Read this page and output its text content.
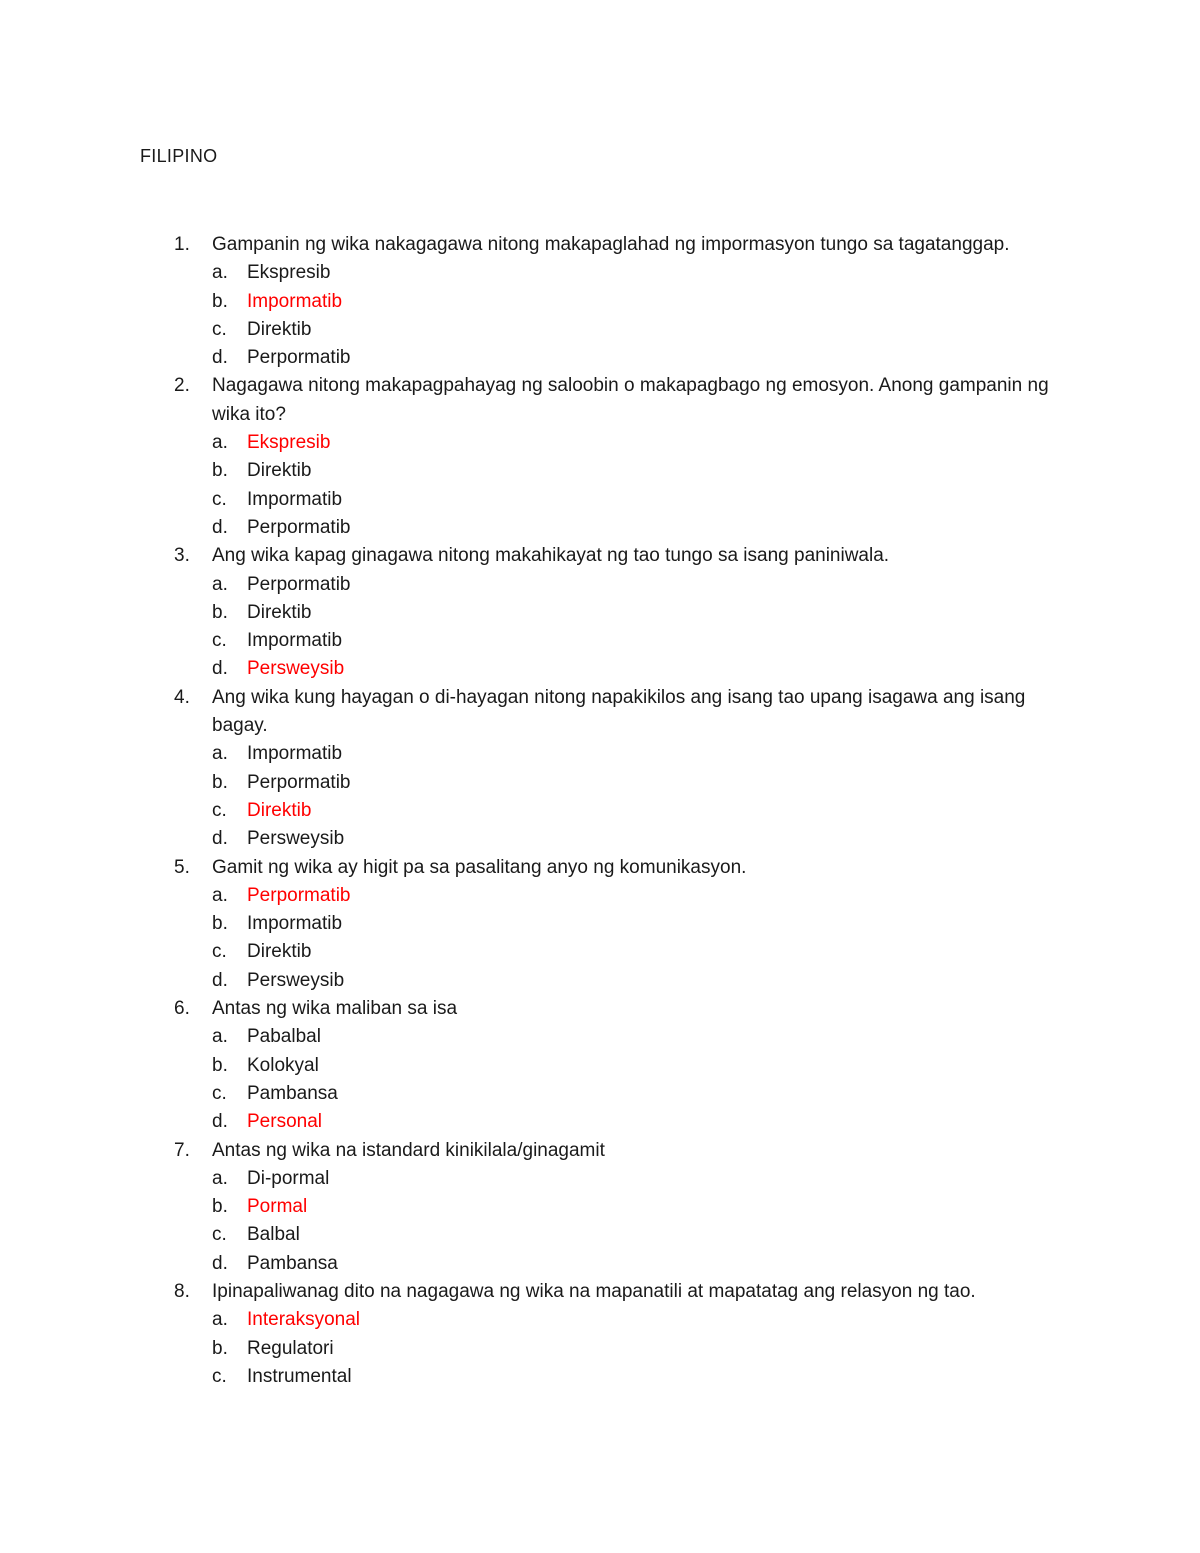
FILIPINO
1. Gampanin ng wika nakagagawa nitong makapaglahad ng impormasyon tungo sa tagatanggap.
a. Ekspresib
b. Impormatib
c. Direktib
d. Perpormatib
2. Nagagawa nitong makapagpahayag ng saloobin o makapagbago ng emosyon. Anong gampanin ng wika ito?
a. Ekspresib
b. Direktib
c. Impormatib
d. Perpormatib
3. Ang wika kapag ginagawa nitong makahikayat ng tao tungo sa isang paniniwala.
a. Perpormatib
b. Direktib
c. Impormatib
d. Persweysib
4. Ang wika kung hayagan o di-hayagan nitong napakikilos ang isang tao upang isagawa ang isang bagay.
a. Impormatib
b. Perpormatib
c. Direktib
d. Persweysib
5. Gamit ng wika ay higit pa sa pasalitang anyo ng komunikasyon.
a. Perpormatib
b. Impormatib
c. Direktib
d. Persweysib
6. Antas ng wika maliban sa isa
a. Pabalbal
b. Kolokyal
c. Pambansa
d. Personal
7. Antas ng wika na istandard kinikilala/ginagamit
a. Di-pormal
b. Pormal
c. Balbal
d. Pambansa
8. Ipinapaliwanag dito na nagagawa ng wika na mapanatili at mapatatag ang relasyon ng tao.
a. Interaksyonal
b. Regulatori
c. Instrumental
